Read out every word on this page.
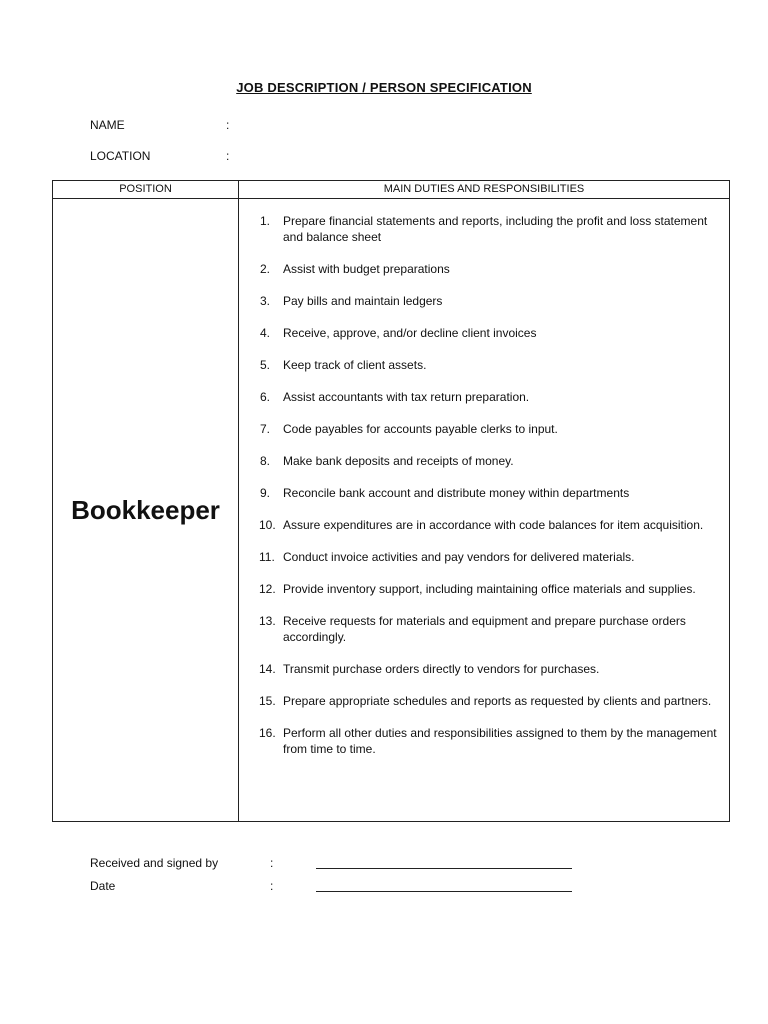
JOB DESCRIPTION / PERSON SPECIFICATION
NAME	:
LOCATION	:
POSITION	MAIN DUTIES AND RESPONSIBILITIES
Bookkeeper
1.	Prepare financial statements and reports, including the profit and loss statement and balance sheet
2.	Assist with budget preparations
3.	Pay bills and maintain ledgers
4.	Receive, approve, and/or decline client invoices
5.	Keep track of client assets.
6.	Assist accountants with tax return preparation.
7.	Code payables for accounts payable clerks to input.
8.	Make bank deposits and receipts of money.
9.	Reconcile bank account and distribute money within departments
10. Assure expenditures are in accordance with code balances for item acquisition.
11. Conduct invoice activities and pay vendors for delivered materials.
12. Provide inventory support, including maintaining office materials and supplies.
13. Receive requests for materials and equipment and prepare purchase orders accordingly.
14. Transmit purchase orders directly to vendors for purchases.
15. Prepare appropriate schedules and reports as requested by clients and partners.
16. Perform all other duties and responsibilities assigned to them by the management from time to time.
Received and signed by	:
Date	:
